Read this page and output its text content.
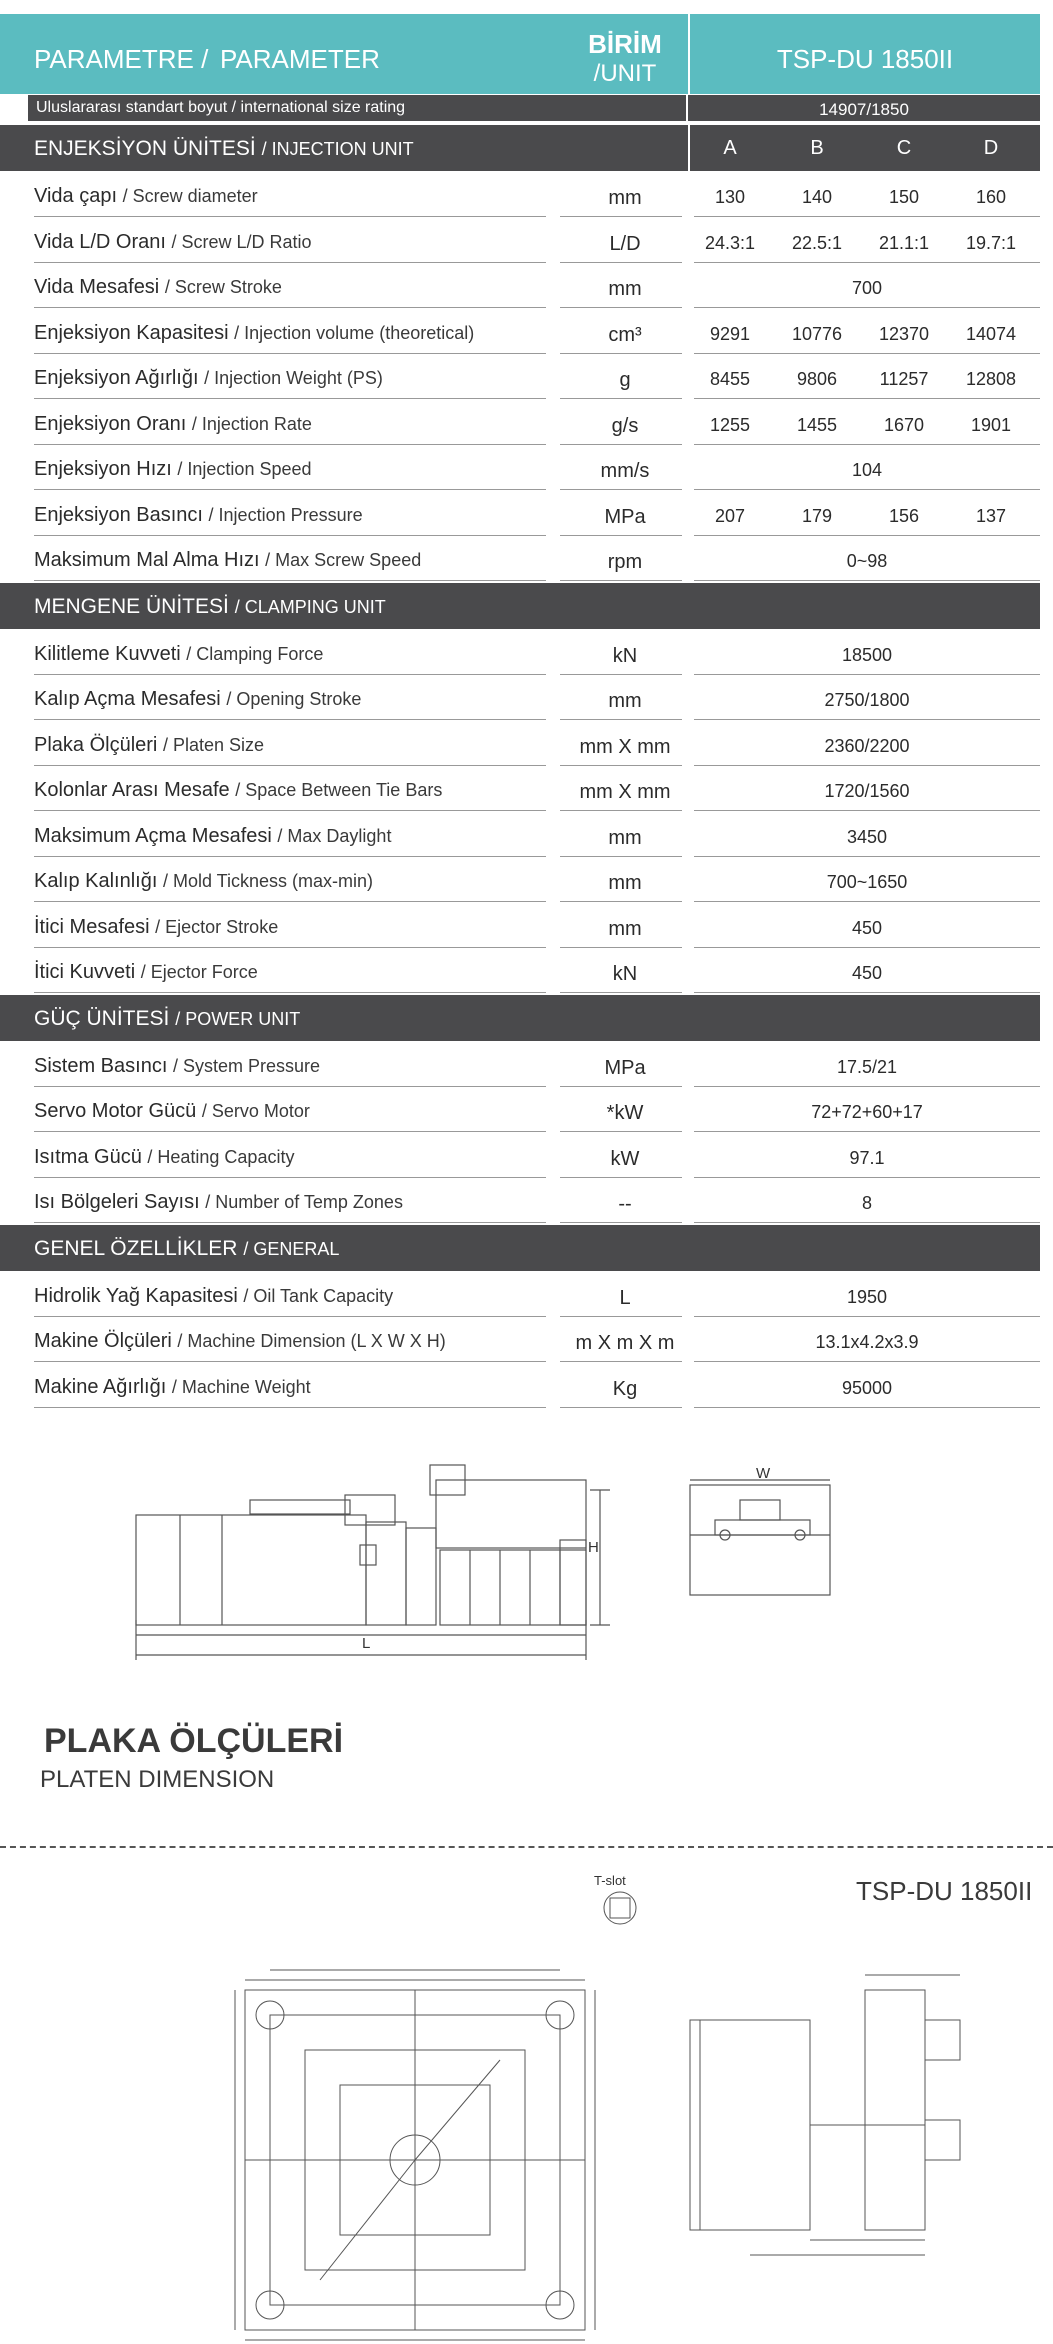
PARAMETRE / PARAMETER	BİRİM
/UNIT	TSP-DU 1850II
Uluslararası standart boyut / international size rating	14907/1850
ENJEKSİYON ÜNİTESİ / INJECTION UNIT	A	B	C	D
Vida çapı / Screw diameter	mm	130	140	150	160
Vida L/D Oranı / Screw L/D Ratio	L/D	24.3:1 22.5:1 21.1:1 19.7:1
Vida Mesafesi / Screw Stroke	mm	700
Enjeksiyon Kapasitesi / Injection volume (theoretical)	cm³	9291	10776 12370 14074
Enjeksiyon Ağırlığı / Injection Weight (PS)	g	8455	9806	11257	12808
Enjeksiyon Oranı / Injection Rate	g/s	1255	1455	1670	1901
Enjeksiyon Hızı / Injection Speed	mm/s	104
Enjeksiyon Basıncı / Injection Pressure	MPa	207	179	156	137
Maksimum Mal Alma Hızı / Max Screw Speed	rpm	0~98
MENGENE ÜNİTESİ / CLAMPING UNIT
Kilitleme Kuvveti / Clamping Force	kN	18500
Kalıp Açma Mesafesi / Opening Stroke	mm	2750/1800
Plaka Ölçüleri / Platen Size	mm X mm	2360/2200
Kolonlar Arası Mesafe / Space Between Tie Bars	mm X mm	1720/1560
Maksimum Açma Mesafesi / Max Daylight	mm	3450
Kalıp Kalınlığı / Mold Tickness (max-min)	mm	700~1650
İtici Mesafesi / Ejector Stroke	mm	450
İtici Kuvveti / Ejector Force	kN	450
GÜÇ ÜNİTESİ / POWER UNIT
Sistem Basıncı / System Pressure	MPa	17.5/21
Servo Motor Gücü / Servo Motor	*kW	72+72+60+17
Isıtma Gücü / Heating Capacity	kW	97.1
Isı Bölgeleri Sayısı / Number of Temp Zones	--	8
GENEL ÖZELLİKLER / GENERAL
Hidrolik Yağ Kapasitesi / Oil Tank Capacity	L	1950
Makine Ölçüleri / Machine Dimension (L X W X H)	m X m X m	13.1x4.2x3.9
Makine Ağırlığı / Machine Weight	Kg	95000
H
L
W
PLAKA ÖLÇÜLERİ
PLATEN DIMENSION
TSP-DU 1850II
T-slot
